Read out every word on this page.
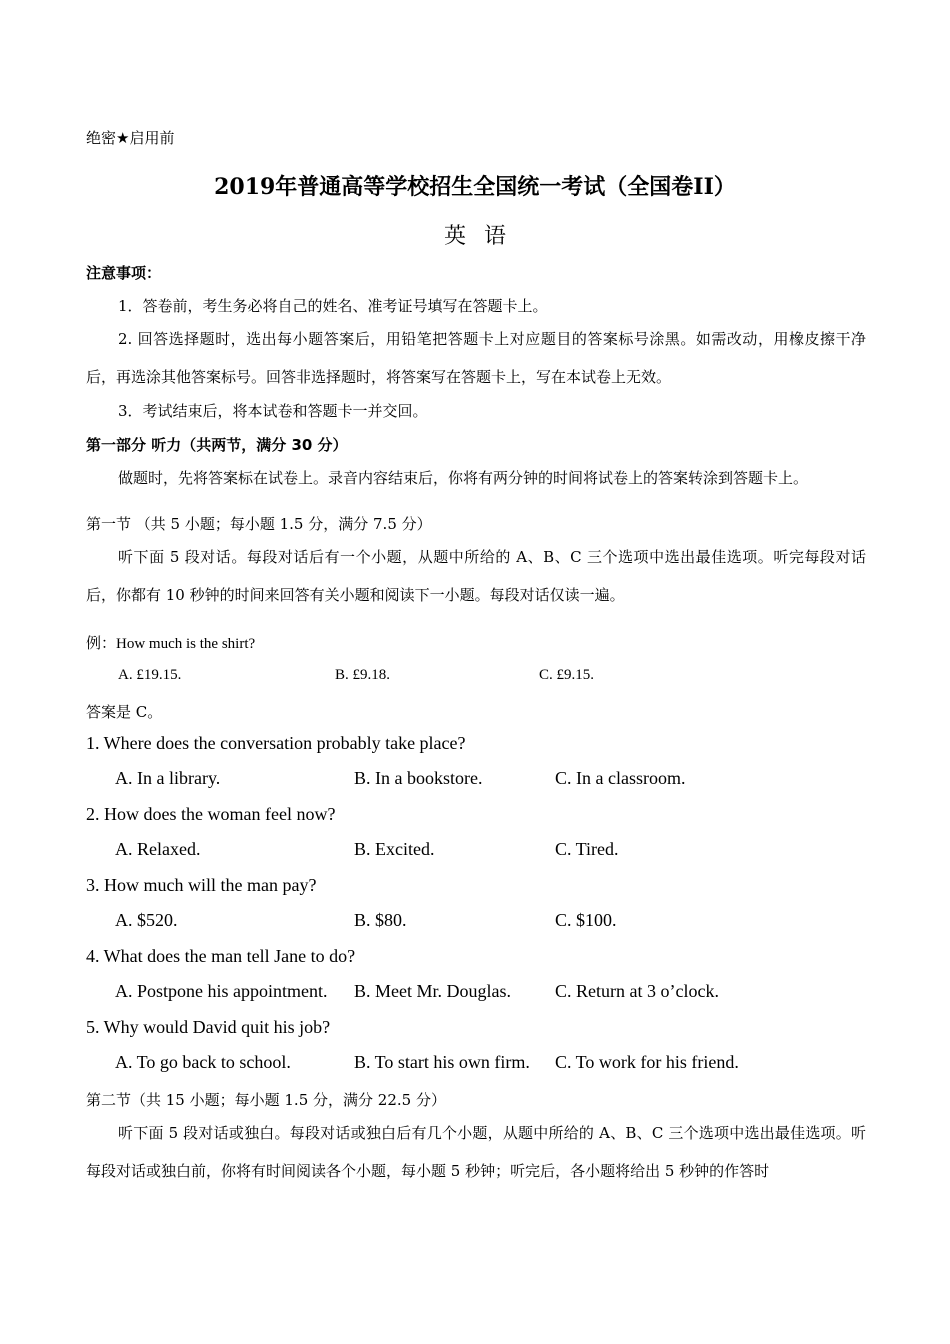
绝密★启用前
2019年普通高等学校招生全国统一考试（全国卷II）
英语
注意事项：
1．答卷前，考生务必将自己的姓名、准考证号填写在答题卡上。
2. 回答选择题时，选出每小题答案后，用铅笔把答题卡上对应题目的答案标号涂黑。如需改动，用橡皮擦干净后，再选涂其他答案标号。回答非选择题时，将答案写在答题卡上，写在本试卷上无效。
3．考试结束后，将本试卷和答题卡一并交回。
第一部分 听力（共两节，满分 30 分）
做题时，先将答案标在试卷上。录音内容结束后，你将有两分钟的时间将试卷上的答案转涂到答题卡上。
第一节 （共 5 小题；每小题 1.5 分，满分 7.5 分）
听下面 5 段对话。每段对话后有一个小题，从题中所给的 A、B、C 三个选项中选出最佳选项。听完每段对话后，你都有 10 秒钟的时间来回答有关小题和阅读下一小题。每段对话仅读一遍。
例：How much is the shirt?
A. £19.15.	B. £9.18.	C. £9.15.
答案是 C。
1. Where does the conversation probably take place?
A. In a library.	B. In a bookstore.	C. In a classroom.
2. How does the woman feel now?
A. Relaxed.	B. Excited.	C. Tired.
3. How much will the man pay?
A. $520.	B. $80.	C. $100.
4. What does the man tell Jane to do?
A. Postpone his appointment. B. Meet Mr. Douglas. C. Return at 3 o’clock.
5. Why would David quit his job?
A. To go back to school.	B. To start his own firm. C. To work for his friend.
第二节（共 15 小题；每小题 1.5 分，满分 22.5 分）
听下面 5 段对话或独白。每段对话或独白后有几个小题，从题中所给的 A、B、C 三个选项中选出最佳选项。听每段对话或独白前，你将有时间阅读各个小题，每小题 5 秒钟；听完后，各小题将给出 5 秒钟的作答时
